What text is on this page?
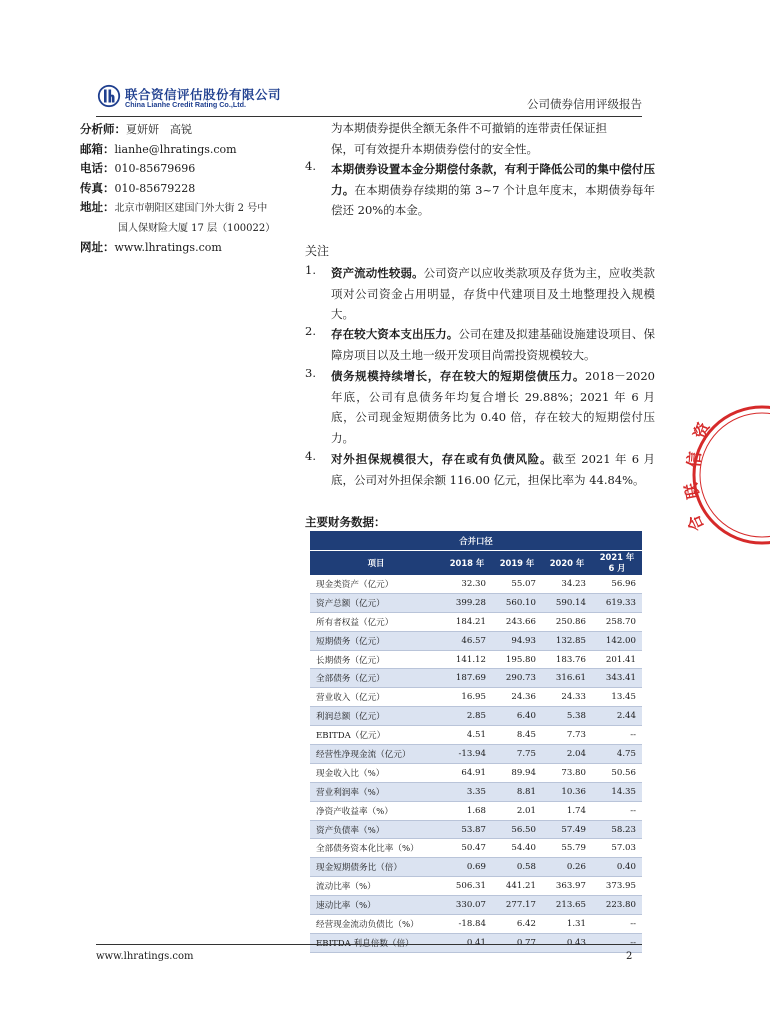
联合资信评估股份有限公司
China Lianhe Credit Rating Co.,Ltd.	公司债券信用评级报告
分析师：夏妍妍　高锐
邮箱：lianhe@lhratings.com
电话：010-85679696
传真：010-85679228
地址：北京市朝阳区建国门外大街 2 号中
国人保财险大厦 17 层（100022）
网址：www.lhratings.com
为本期债券提供全额无条件不可撤销的连带责任保证担
保，可有效提升本期债券偿付的安全性。
4. 本期债券设置本金分期偿付条款，有利于降低公司的集中偿付压力。在本期债券存续期的第 3~7 个计息年度末，本期债券每年偿还 20%的本金。
关注
1. 资产流动性较弱。公司资产以应收类款项及存货为主，应收类款项对公司资金占用明显，存货中代建项目及土地整理投入规模大。
2. 存在较大资本支出压力。公司在建及拟建基础设施建设项目、保障房项目以及土地一级开发项目尚需投资规模较大。
3. 债务规模持续增长，存在较大的短期偿债压力。2018－2020 年底，公司有息债务年均复合增长 29.88%；2021 年 6 月底，公司现金短期债务比为 0.40 倍，存在较大的短期偿付压力。
4. 对外担保规模很大，存在或有负债风险。截至 2021 年 6 月底，公司对外担保余额 116.00 亿元，担保比率为 44.84%。
主要财务数据：
合并口径				
项目	2018 年	2019 年	2020 年	2021 年 6 月
现金类资产（亿元）	32.30	55.07	34.23	56.96
资产总额（亿元）	399.28	560.10	590.14	619.33
所有者权益（亿元）	184.21	243.66	250.86	258.70
短期债务（亿元）	46.57	94.93	132.85	142.00
长期债务（亿元）	141.12	195.80	183.76	201.41
全部债务（亿元）	187.69	290.73	316.61	343.41
营业收入（亿元）	16.95	24.36	24.33	13.45
利润总额（亿元）	2.85	6.40	5.38	2.44
EBITDA（亿元）	4.51	8.45	7.73	--
经营性净现金流（亿元）	-13.94	7.75	2.04	4.75
现金收入比（%）	64.91	89.94	73.80	50.56
营业利润率（%）	3.35	8.81	10.36	14.35
净资产收益率（%）	1.68	2.01	1.74	--
资产负债率（%）	53.87	56.50	57.49	58.23
全部债务资本化比率（%）	50.47	54.40	55.79	57.03
现金短期债务比（倍）	0.69	0.58	0.26	0.40
流动比率（%）	506.31	441.21	363.97	373.95
速动比率（%）	330.07	277.17	213.65	223.80
经营现金流动负债比（%）	-18.84	6.42	1.31	--
EBITDA 利息倍数（倍）	0.41	0.77	0.43	--
资
信
联
合
www.lhratings.com	2
